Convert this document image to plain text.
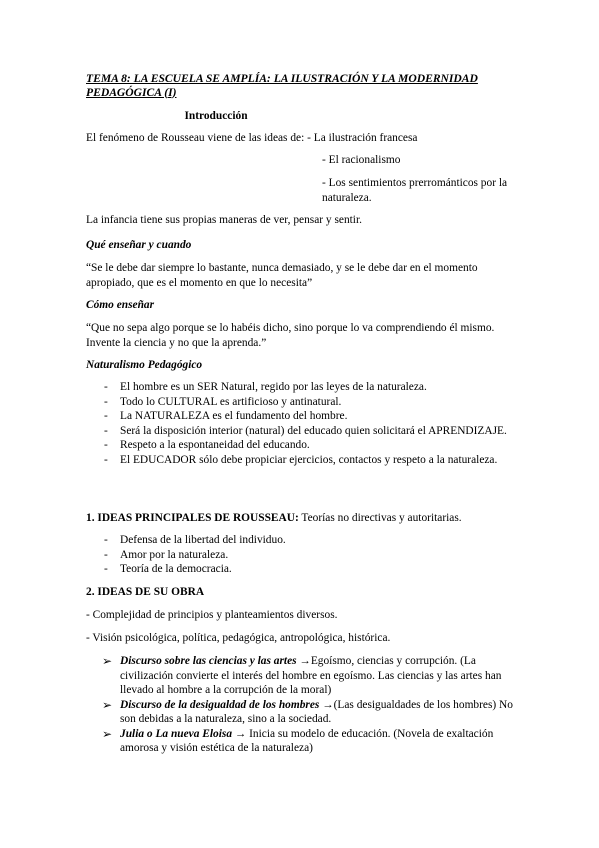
TEMA 8: LA ESCUELA SE AMPLÍA: LA ILUSTRACIÓN Y LA MODERNIDAD
PEDAGÓGICA (I)
Introducción
El fenómeno de Rousseau viene de las ideas de: - La ilustración francesa
- El racionalismo
- Los sentimientos prerrománticos por la naturaleza.
La infancia tiene sus propias maneras de ver, pensar y sentir.
Qué enseñar y cuando
“Se le debe dar siempre lo bastante, nunca demasiado, y se le debe dar en el momento apropiado, que es el momento en que lo necesita”
Cómo enseñar
“Que no sepa algo porque se lo habéis dicho, sino porque lo va comprendiendo él mismo. Invente la ciencia y no que la aprenda.”
Naturalismo Pedagógico
- El hombre es un SER Natural, regido por las leyes de la naturaleza.
- Todo lo CULTURAL es artificioso y antinatural.
- La NATURALEZA es el fundamento del hombre.
- Será la disposición interior (natural) del educado quien solicitará el APRENDIZAJE.
- Respeto a la espontaneidad del educando.
- El EDUCADOR sólo debe propiciar ejercicios, contactos y respeto a la naturaleza.
1. IDEAS PRINCIPALES DE ROUSSEAU: Teorías no directivas y autoritarias.
- Defensa de la libertad del individuo.
- Amor por la naturaleza.
- Teoría de la democracia.
2. IDEAS DE SU OBRA
- Complejidad de principios y planteamientos diversos.
- Visión psicológica, política, pedagógica, antropológica, histórica.
➢ Discurso sobre las ciencias y las artes →Egoísmo, ciencias y corrupción. (La civilización convierte el interés del hombre en egoísmo. Las ciencias y las artes han llevado al hombre a la corrupción de la moral)
➢ Discurso de la desigualdad de los hombres →(Las desigualdades de los hombres) No son debidas a la naturaleza, sino a la sociedad.
➢ Julia o La nueva Eloisa → Inicia su modelo de educación. (Novela de exaltación amorosa y visión estética de la naturaleza)
